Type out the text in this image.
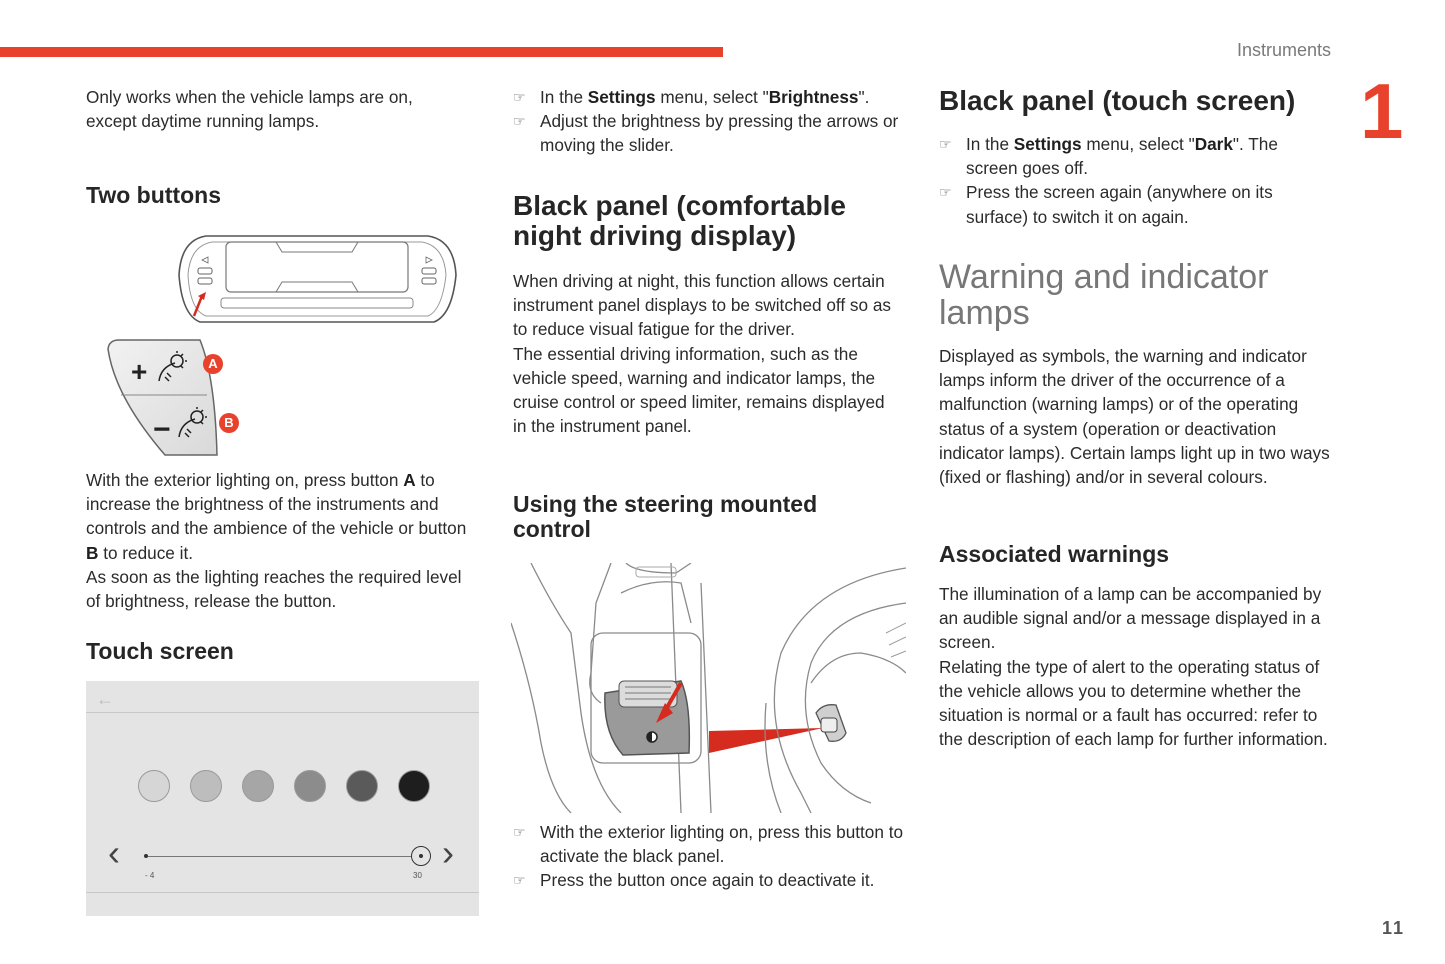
Instruments
1
11

Only works when the vehicle lamps are on, except daytime running lamps.

Two buttons
+
−
A
B

With the exterior lighting on, press button A to increase the brightness of the instruments and controls and the ambience of the vehicle or button B to reduce it.
As soon as the lighting reaches the required level of brightness, release the button.

Touch screen
←
‹	›
- 4	30

☞ In the Settings menu, select "Brightness".

☞ Adjust the brightness by pressing the arrows or moving the slider.

Black panel (comfortable night driving display)

When driving at night, this function allows certain instrument panel displays to be switched off so as to reduce visual fatigue for the driver.

The essential driving information, such as the vehicle speed, warning and indicator lamps, the cruise control or speed limiter, remains displayed in the instrument panel.

Using the steering mounted control

☞ With the exterior lighting on, press this button to activate the black panel.

☞ Press the button once again to deactivate it.

Black panel (touch screen)

☞ In the Settings menu, select "Dark". The screen goes off.

☞ Press the screen again (anywhere on its surface) to switch it on again.

Warning and indicator lamps

Displayed as symbols, the warning and indicator lamps inform the driver of the occurrence of a malfunction (warning lamps) or of the operating status of a system (operation or deactivation indicator lamps). Certain lamps light up in two ways (fixed or flashing) and/or in several colours.

Associated warnings

The illumination of a lamp can be accompanied by an audible signal and/or a message displayed in a screen.

Relating the type of alert to the operating status of the vehicle allows you to determine whether the situation is normal or a fault has occurred: refer to the description of each lamp for further information.
